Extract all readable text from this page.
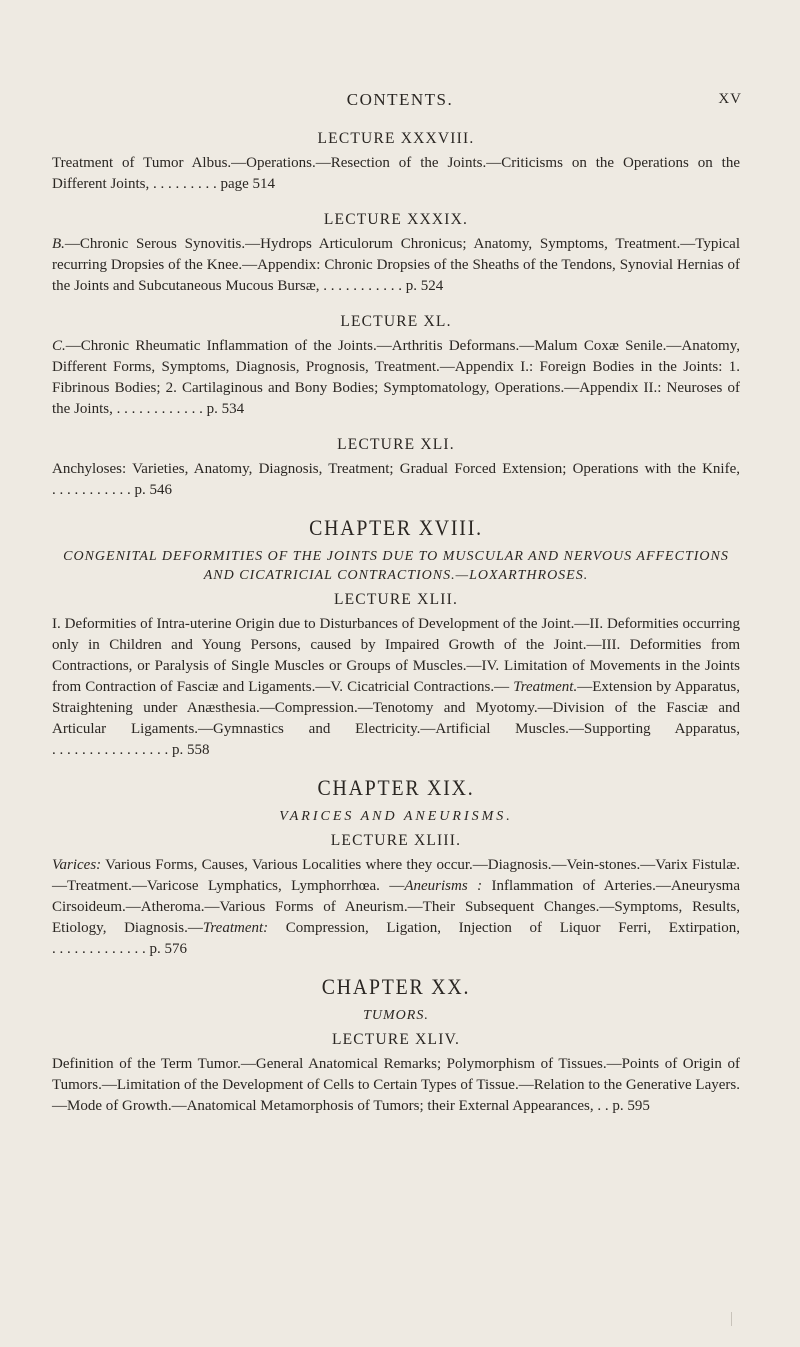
CONTENTS.	XV
LECTURE XXXVIII.

Treatment of Tumor Albus.—Operations.—Resection of the Joints.—Criticisms on the Operations on the Different Joints, . . . . . . . . . page 514

LECTURE XXXIX.

B.—Chronic Serous Synovitis.—Hydrops Articulorum Chronicus; Anatomy, Symptoms, Treatment.—Typical recurring Dropsies of the Knee.—Appendix: Chronic Dropsies of the Sheaths of the Tendons, Synovial Hernias of the Joints and Subcutaneous Mucous Bursæ, . . . . . . . . . . . p. 524

LECTURE XL.

C.—Chronic Rheumatic Inflammation of the Joints.—Arthritis Deformans.—Malum Coxæ Senile.—Anatomy, Different Forms, Symptoms, Diagnosis, Prognosis, Treatment.—Appendix I.: Foreign Bodies in the Joints: 1. Fibrinous Bodies; 2. Cartilaginous and Bony Bodies; Symptomatology, Operations.—Appendix II.: Neuroses of the Joints, . . . . . . . . . . . . p. 534

LECTURE XLI.

Anchyloses: Varieties, Anatomy, Diagnosis, Treatment; Gradual Forced Extension; Operations with the Knife, . . . . . . . . . . . p. 546

CHAPTER XVIII.
CONGENITAL DEFORMITIES OF THE JOINTS DUE TO MUSCULAR AND NERVOUS AFFECTIONS AND CICATRICIAL CONTRACTIONS.—LOXARTHROSES.
LECTURE XLII.

I. Deformities of Intra-uterine Origin due to Disturbances of Development of the Joint.—II. Deformities occurring only in Children and Young Persons, caused by Impaired Growth of the Joint.—III. Deformities from Contractions, or Paralysis of Single Muscles or Groups of Muscles.—IV. Limitation of Movements in the Joints from Contraction of Fasciæ and Ligaments.—V. Cicatricial Contractions.— Treatment.—Extension by Apparatus, Straightening under Anæsthesia.—Compression.—Tenotomy and Myotomy.—Division of the Fasciæ and Articular Ligaments.—Gymnastics and Electricity.—Artificial Muscles.—Supporting Apparatus, . . . . . . . . . . . . . . . . p. 558

CHAPTER XIX.
VARICES AND ANEURISMS.
LECTURE XLIII.

Varices: Various Forms, Causes, Various Localities where they occur.—Diagnosis.—Vein-stones.—Varix Fistulæ.—Treatment.—Varicose Lymphatics, Lymphorrhœa. —Aneurisms : Inflammation of Arteries.—Aneurysma Cirsoideum.—Atheroma.—Various Forms of Aneurism.—Their Subsequent Changes.—Symptoms, Results, Etiology, Diagnosis.—Treatment: Compression, Ligation, Injection of Liquor Ferri, Extirpation, . . . . . . . . . . . . . p. 576

CHAPTER XX.
TUMORS.
LECTURE XLIV.

Definition of the Term Tumor.—General Anatomical Remarks; Polymorphism of Tissues.—Points of Origin of Tumors.—Limitation of the Development of Cells to Certain Types of Tissue.—Relation to the Generative Layers.—Mode of Growth.—Anatomical Metamorphosis of Tumors; their External Appearances, . . p. 595
